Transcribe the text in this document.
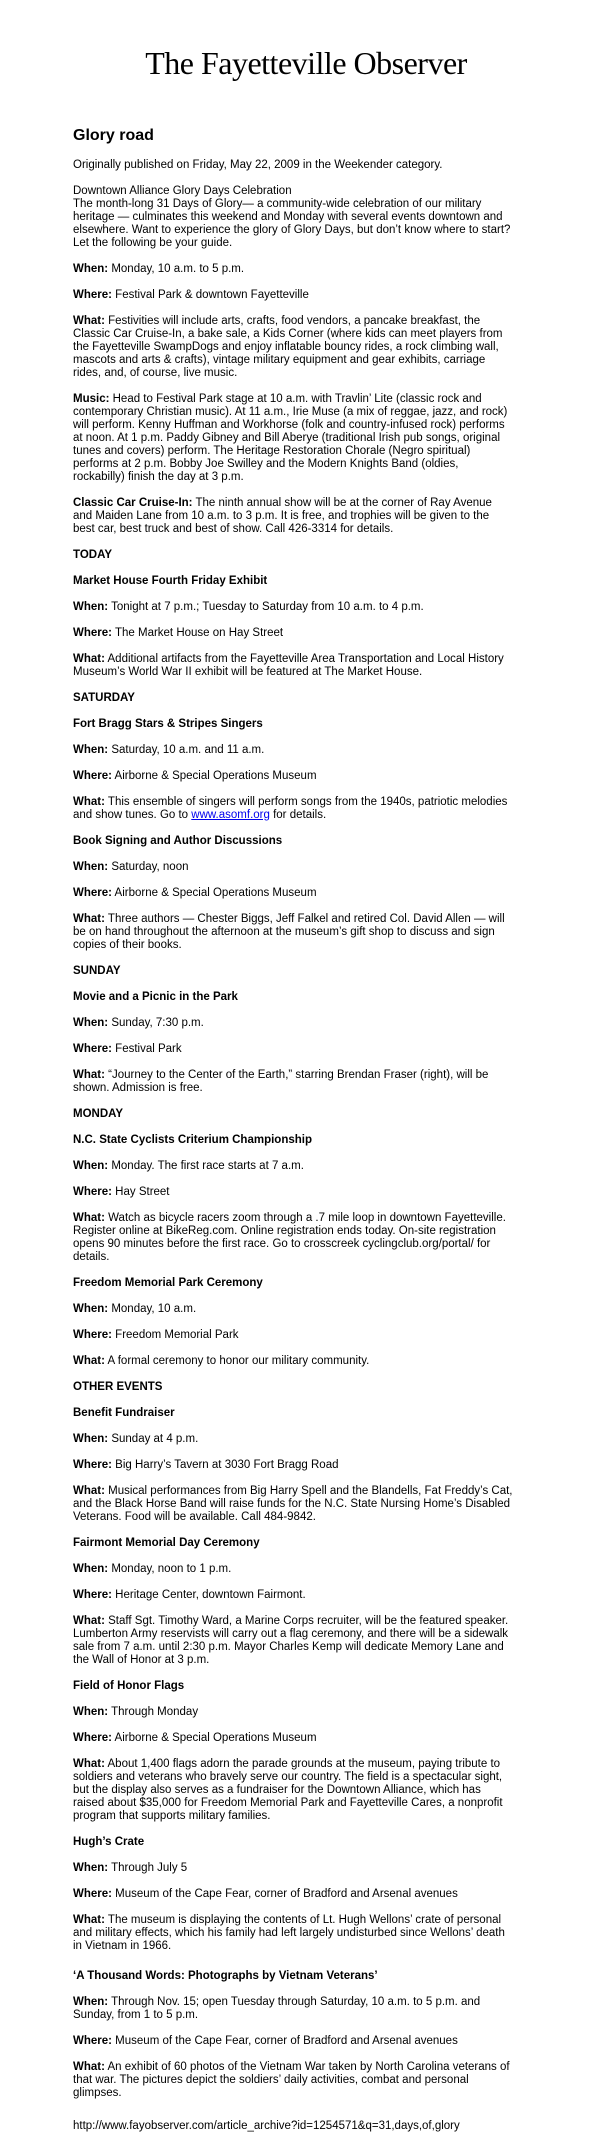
The Fayetteville Observer
Glory road

Originally published on Friday, May 22, 2009 in the Weekender category.

Downtown Alliance Glory Days Celebration
The month-long 31 Days of Glory— a community-wide celebration of our military heritage — culminates this weekend and Monday with several events downtown and elsewhere. Want to experience the glory of Glory Days, but don’t know where to start? Let the following be your guide.

When: Monday, 10 a.m. to 5 p.m.

Where: Festival Park & downtown Fayetteville

What: Festivities will include arts, crafts, food vendors, a pancake breakfast, the Classic Car Cruise-In, a bake sale, a Kids Corner (where kids can meet players from the Fayetteville SwampDogs and enjoy inflatable bouncy rides, a rock climbing wall, mascots and arts & crafts), vintage military equipment and gear exhibits, carriage rides, and, of course, live music.

Music: Head to Festival Park stage at 10 a.m. with Travlin’ Lite (classic rock and contemporary Christian music). At 11 a.m., Irie Muse (a mix of reggae, jazz, and rock) will perform. Kenny Huffman and Workhorse (folk and country-infused rock) performs at noon. At 1 p.m. Paddy Gibney and Bill Aberye (traditional Irish pub songs, original tunes and covers) perform. The Heritage Restoration Chorale (Negro spiritual) performs at 2 p.m. Bobby Joe Swilley and the Modern Knights Band (oldies, rockabilly) finish the day at 3 p.m.

Classic Car Cruise-In: The ninth annual show will be at the corner of Ray Avenue and Maiden Lane from 10 a.m. to 3 p.m. It is free, and trophies will be given to the best car, best truck and best of show. Call 426-3314 for details.

TODAY
Market House Fourth Friday Exhibit

When: Tonight at 7 p.m.; Tuesday to Saturday from 10 a.m. to 4 p.m.

Where: The Market House on Hay Street

What: Additional artifacts from the Fayetteville Area Transportation and Local History Museum’s World War II exhibit will be featured at The Market House.

SATURDAY
Fort Bragg Stars & Stripes Singers

When: Saturday, 10 a.m. and 11 a.m.

Where: Airborne & Special Operations Museum

What: This ensemble of singers will perform songs from the 1940s, patriotic melodies and show tunes. Go to www.asomf.org for details.

Book Signing and Author Discussions

When: Saturday, noon

Where: Airborne & Special Operations Museum

What: Three authors — Chester Biggs, Jeff Falkel and retired Col. David Allen — will be on hand throughout the afternoon at the museum’s gift shop to discuss and sign copies of their books.

SUNDAY
Movie and a Picnic in the Park

When: Sunday, 7:30 p.m.

Where: Festival Park

What: “Journey to the Center of the Earth,” starring Brendan Fraser (right), will be shown. Admission is free.

MONDAY
N.C. State Cyclists Criterium Championship

When: Monday. The first race starts at 7 a.m.

Where: Hay Street

What: Watch as bicycle racers zoom through a .7 mile loop in downtown Fayetteville. Register online at BikeReg.com. Online registration ends today. On-site registration opens 90 minutes before the first race. Go to crosscreek cyclingclub.org/portal/ for details.

Freedom Memorial Park Ceremony

When: Monday, 10 a.m.

Where: Freedom Memorial Park

What: A formal ceremony to honor our military community.

OTHER EVENTS
Benefit Fundraiser

When: Sunday at 4 p.m.

Where: Big Harry’s Tavern at 3030 Fort Bragg Road

What: Musical performances from Big Harry Spell and the Blandells, Fat Freddy’s Cat, and the Black Horse Band will raise funds for the N.C. State Nursing Home’s Disabled Veterans. Food will be available. Call 484-9842.

Fairmont Memorial Day Ceremony

When: Monday, noon to 1 p.m.

Where: Heritage Center, downtown Fairmont.

What: Staff Sgt. Timothy Ward, a Marine Corps recruiter, will be the featured speaker. Lumberton Army reservists will carry out a flag ceremony, and there will be a sidewalk sale from 7 a.m. until 2:30 p.m. Mayor Charles Kemp will dedicate Memory Lane and the Wall of Honor at 3 p.m.

Field of Honor Flags

When: Through Monday

Where: Airborne & Special Operations Museum

What: About 1,400 flags adorn the parade grounds at the museum, paying tribute to soldiers and veterans who bravely serve our country. The field is a spectacular sight, but the display also serves as a fundraiser for the Downtown Alliance, which has raised about $35,000 for Freedom Memorial Park and Fayetteville Cares, a nonprofit program that supports military families.

Hugh’s Crate

When: Through July 5

Where: Museum of the Cape Fear, corner of Bradford and Arsenal avenues

What: The museum is displaying the contents of Lt. Hugh Wellons’ crate of personal and military effects, which his family had left largely undisturbed since Wellons’ death in Vietnam in 1966.

‘A Thousand Words: Photographs by Vietnam Veterans’

When: Through Nov. 15; open Tuesday through Saturday, 10 a.m. to 5 p.m. and Sunday, from 1 to 5 p.m.

Where: Museum of the Cape Fear, corner of Bradford and Arsenal avenues

What: An exhibit of 60 photos of the Vietnam War taken by North Carolina veterans of that war. The pictures depict the soldiers’ daily activities, combat and personal glimpses.

http://www.fayobserver.com/article_archive?id=1254571&q=31,days,of,glory
